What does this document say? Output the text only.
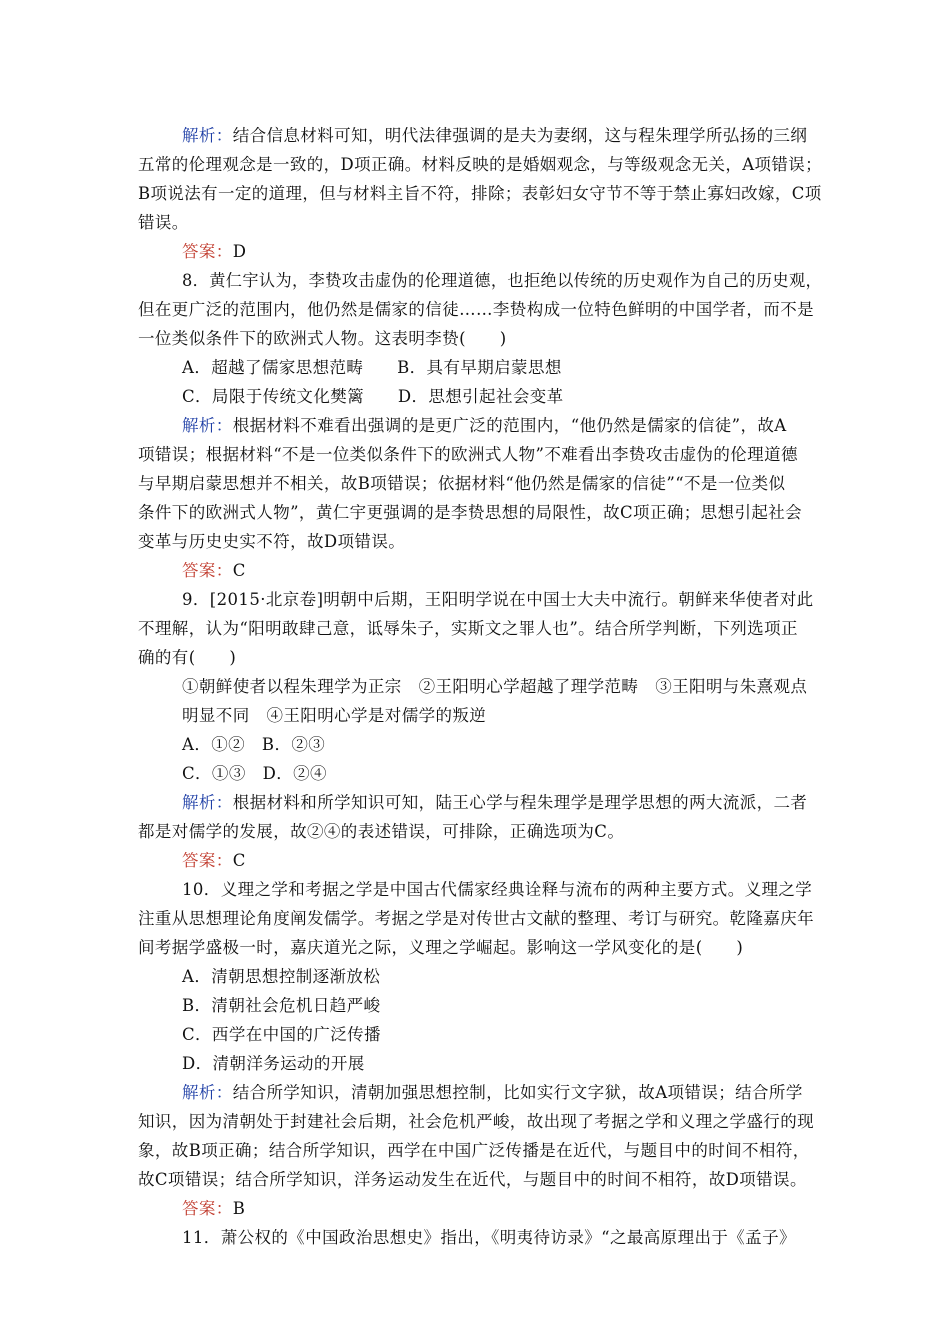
解析：结合信息材料可知，明代法律强调的是夫为妻纲，这与程朱理学所弘扬的三纲
五常的伦理观念是一致的，D项正确。材料反映的是婚姻观念，与等级观念无关，A项错误；
B项说法有一定的道理，但与材料主旨不符，排除；表彰妇女守节不等于禁止寡妇改嫁，C项
错误。
答案：D
8．黄仁宇认为，李贽攻击虚伪的伦理道德，也拒绝以传统的历史观作为自己的历史观，
但在更广泛的范围内，他仍然是儒家的信徒……李贽构成一位特色鲜明的中国学者，而不是
一位类似条件下的欧洲式人物。这表明李贽(　　)
A．超越了儒家思想范畴　　B．具有早期启蒙思想
C．局限于传统文化樊篱　　D．思想引起社会变革
解析：根据材料不难看出强调的是更广泛的范围内，“他仍然是儒家的信徒”，故A
项错误；根据材料“不是一位类似条件下的欧洲式人物”不难看出李贽攻击虚伪的伦理道德
与早期启蒙思想并不相关，故B项错误；依据材料“他仍然是儒家的信徒”“不是一位类似
条件下的欧洲式人物”，黄仁宇更强调的是李贽思想的局限性，故C项正确；思想引起社会
变革与历史史实不符，故D项错误。
答案：C
9．[2015·北京卷]明朝中后期，王阳明学说在中国士大夫中流行。朝鲜来华使者对此
不理解，认为“阳明敢肆己意，诋辱朱子，实斯文之罪人也”。结合所学判断，下列选项正
确的有(　　)
①朝鲜使者以程朱理学为正宗　②王阳明心学超越了理学范畴　③王阳明与朱熹观点
明显不同　④王阳明心学是对儒学的叛逆
A．①②　B．②③
C．①③　D．②④
解析：根据材料和所学知识可知，陆王心学与程朱理学是理学思想的两大流派，二者
都是对儒学的发展，故②④的表述错误，可排除，正确选项为C。
答案：C
10．义理之学和考据之学是中国古代儒家经典诠释与流布的两种主要方式。义理之学
注重从思想理论角度阐发儒学。考据之学是对传世古文献的整理、考订与研究。乾隆嘉庆年
间考据学盛极一时，嘉庆道光之际，义理之学崛起。影响这一学风变化的是(　　)
A．清朝思想控制逐渐放松
B．清朝社会危机日趋严峻
C．西学在中国的广泛传播
D．清朝洋务运动的开展
解析：结合所学知识，清朝加强思想控制，比如实行文字狱，故A项错误；结合所学
知识，因为清朝处于封建社会后期，社会危机严峻，故出现了考据之学和义理之学盛行的现
象，故B项正确；结合所学知识，西学在中国广泛传播是在近代，与题目中的时间不相符，
故C项错误；结合所学知识，洋务运动发生在近代，与题目中的时间不相符，故D项错误。
答案：B
11．萧公权的《中国政治思想史》指出，《明夷待访录》“之最高原理出于《孟子》
